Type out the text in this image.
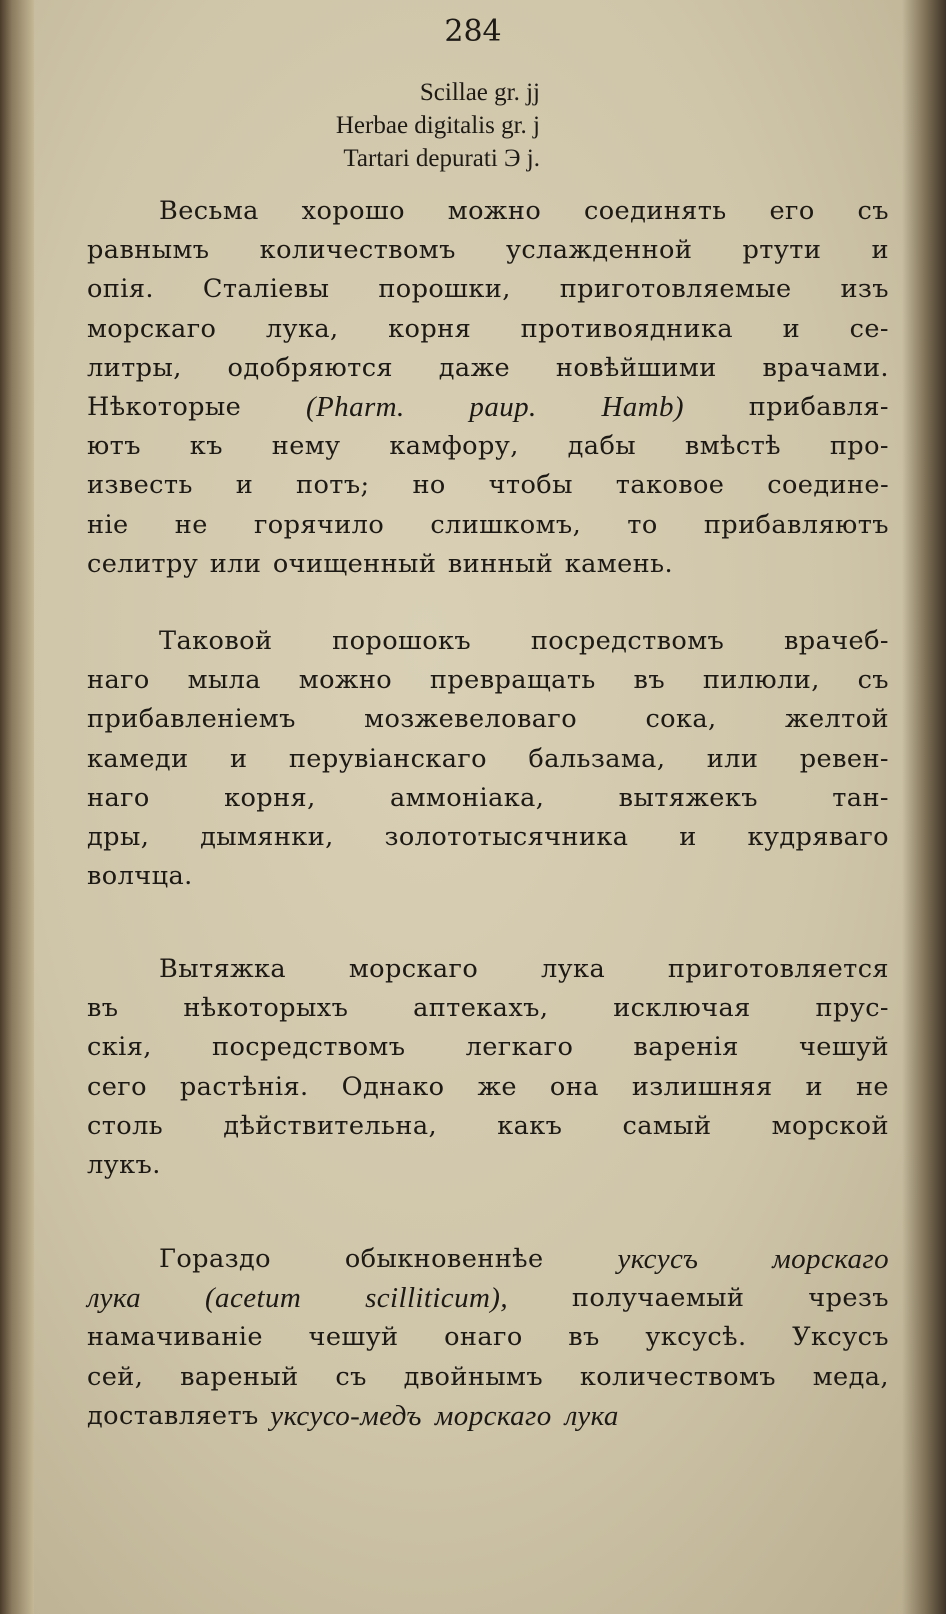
284
Scillae gr. jj
Herbae digitalis gr. j
Tartari depurati Э j.
Весьма хорошо можно соединять его съ
равнымъ количествомъ услажденной ртути и
опія. Сталіевы порошки, приготовляемые изъ
морскаго лука, корня противоядника и се-
литры, одобряются даже новѣйшими врачами.
Нѣкоторые (Pharm. paup. Hamb)	прибавля-
ютъ къ нему камфору, дабы вмѣстѣ про-
известь и потъ; но чтобы таковое соедине-
ніе не горячило слишкомъ, то прибавляютъ
селитру или очищенный винный камень.
Таковой порошокъ посредствомъ врачеб-
наго мыла можно превращать въ пилюли, съ
прибавленіемъ	мозжевеловаго	сока,	желтой
камеди и перувіанскаго бальзама, или ревен-
наго	корня,	аммоніака,	вытяжекъ	тан-
дры, дымянки, золототысячника и кудряваго
волчца.
Вытяжка морскаго лука приготовляется
въ	нѣкоторыхъ	аптекахъ,	исключая	прус-
скія, посредствомъ легкаго варенія чешуй
сего растѣнія. Однако же она излишняя и не
столь дѣйствительна, какъ самый морской
лукъ.
Гораздо	обыкновеннѣе	уксусъ	морскаго
лука (acetum scilliticum), получаемый чрезъ
намачиваніе чешуй онаго въ уксусѣ. Уксусъ
сей, вареный съ двойнымъ количествомъ меда,
доставляетъ уксусо-медъ морскаго лука
